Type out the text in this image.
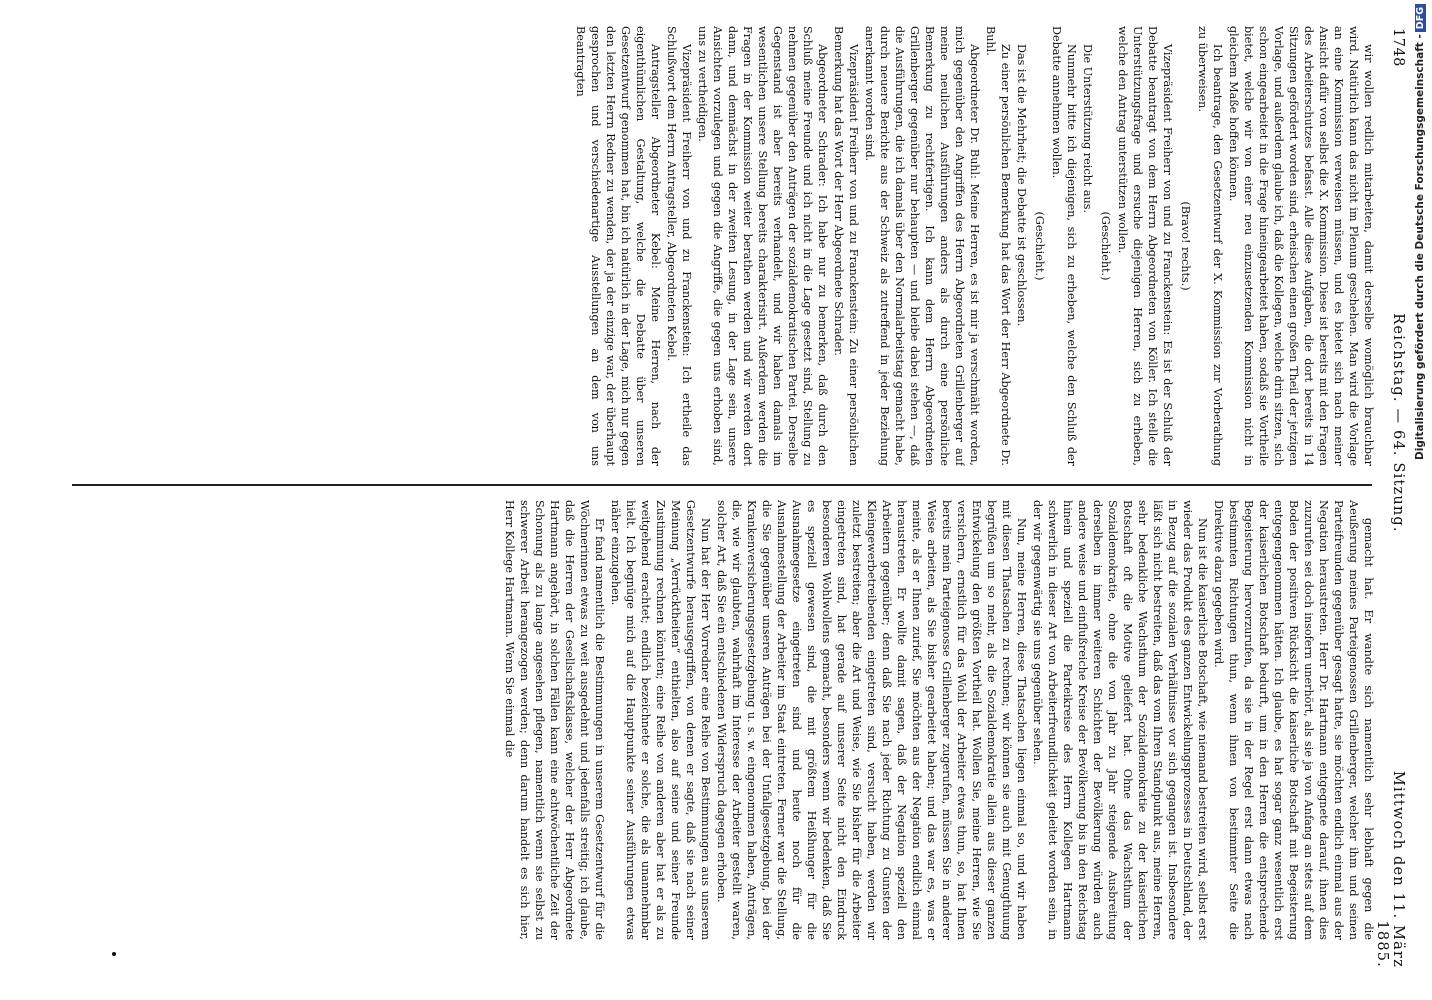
1748
Reichstag. — 64. Sitzung.
Mittwoch den 11. März 1885.

wir wollen redlich mitarbeiten, damit derselbe womöglich brauchbar wird. Natürlich kann das nicht im Plenum geschehen. Man wird die Vorlage an eine Kommission verweisen müssen, und es bietet sich nach meiner Ansicht dafür von selbst die X. Kommission. Diese ist bereits mit den Fragen des Arbeiterschutzes befasst. Alle diese Aufgaben, die dort bereits in 14 Sitzungen gefördert worden sind, erheischen einen großen Theil der jetzigen Vorlage, und außerdem glaube ich, daß die Kollegen, welche drin sitzen, sich schon eingearbeitet in die Frage hineingearbeitet haben, sodaß sie Vortheile bietet, welche wir von einer neu einzusetzenden Kommission nicht in gleichem Maße hoffen können.

Ich beantrage, den Gesetzentwurf der X. Kommission zur Vorberathung zu überweisen.

(Bravo! rechts.)

Vizepräsident Freiherr von und zu Franckenstein: Es ist der Schluß der Debatte beantragt von dem Herrn Abgeordneten von Köller. Ich stelle die Unterstützungsfrage und ersuche diejenigen Herren, sich zu erheben, welche den Antrag unterstützen wollen.

(Geschieht.)

Die Unterstützung reicht aus.

Nunmehr bitte ich diejenigen, sich zu erheben, welche den Schluß der Debatte annehmen wollen.

(Geschieht.)

Das ist die Mehrheit; die Debatte ist geschlossen.

Zu einer persönlichen Bemerkung hat das Wort der Herr Abgeordnete Dr. Buhl.

Abgeordneter Dr. Buhl: Meine Herren, es ist mir ja verschmäht worden, mich gegenüber den Angriffen des Herrn Abgeordneten Grillenberger auf meine neulichen Ausführungen anders als durch eine persönliche Bemerkung zu rechtfertigen. Ich kann dem Herrn Abgeordneten Grillenberger gegenüber nur behaupten — und bleibe dabei stehen —, daß die Ausführungen, die ich damals über den Normalarbeitstag gemacht habe, durch neuere Berichte aus der Schweiz als zutreffend in jeder Beziehung anerkannt worden sind.

Vizepräsident Freiherr von und zu Franckenstein: Zu einer persönlichen Bemerkung hat das Wort der Herr Abgeordnete Schrader.

Abgeordneter Schrader: Ich habe nur zu bemerken, daß durch den Schluß meine Freunde und ich nicht in die Lage gesetzt sind, Stellung zu nehmen gegenüber den Anträgen der sozialdemokratischen Partei. Derselbe Gegenstand ist aber bereits verhandelt, und wir haben damals im wesentlichen unsere Stellung bereits charakterisirt. Außerdem werden die Fragen in der Kommission weiter berathen werden und wir werden dort dann, und demnächst in der zweiten Lesung, in der Lage sein, unsere Ansichten vorzulegen und gegen die Angriffe, die gegen uns erhoben sind, uns zu vertheidigen.

Vizepräsident Freiherr von und zu Franckenstein: Ich ertheile das Schlußwort dem Herrn Antragsteller, Abgeordneten Kebel.

Antragsteller Abgeordneter Kebel: Meine Herren, nach der eigenthümlichen Gestaltung, welche die Debatte über unseren Gesetzentwurf genommen hat, bin ich natürlich in der Lage, mich nur gegen den letzten Herrn Redner zu wenden, der ja der einzige war, der überhaupt gesprochen und verschiedenartige Ausstellungen an dem von uns Beantragten

gemacht hat. Er wandte sich namentlich sehr lebhaft gegen die Aeußerung meines Parteigenossen Grillenberger, welcher ihm und seinen Parteifreunden gegenüber gesagt hatte, sie möchten endlich einmal aus der Negation heraustreten. Herr Dr. Hartmann entgegnete darauf, ihnen dies zuzurufen sei doch insofern unerhört, als sie ja von Anfang an stets auf dem Boden der positiven Rücksicht die kaiserliche Botschaft mit Begeisterung entgegengenommen hätten. Ich glaube, es hat sogar ganz wesentlich erst der kaiserlichen Botschaft bedurft, um in den Herren die entsprechende Begeisterung hervorzurufen, da sie in der Regel erst dann etwas nach bestimmten Richtungen thun, wenn ihnen von bestimmter Seite die Direktive dazu gegeben wird.

Nun ist die kaiserliche Botschaft, wie niemand bestreiten wird, selbst erst wieder das Produkt des ganzen Entwickelungsprozesses in Deutschland, der in Bezug auf die sozialen Verhältnisse vor sich gegangen ist. Insbesondere läßt sich nicht bestreiten, daß das vom Ihren Standpunkt aus, meine Herren, sehr bedenkliche Wachsthum der Sozialdemokratie zu der kaiserlichen Botschaft oft die Motive geliefert hat. Ohne das Wachsthum der Sozialdemokratie, ohne die von Jahr zu Jahr steigende Ausbreitung derselben in immer weiteren Schichten der Bevölkerung würden auch andere weise und einflußreiche Kreise der Bevölkerung bis in den Reichstag hinein und speziell die Parteikreise des Herrn Kollegen Hartmann schwerlich in dieser Art von Arbeiterfreundlichkeit geleitet worden sein, in der wir gegenwärtig sie uns gegenüber sehen.

Nun, meine Herren, diese Thatsachen liegen einmal so, und wir haben mit diesen Thatsachen zu rechnen; wir können sie auch mit Genugthuung begrüßen um so mehr, als die Sozialdemokratie allein aus dieser ganzen Entwickelung den größten Vortheil hat. Wollen Sie, meine Herren, wie Sie versichern, ernstlich für das Wohl der Arbeiter etwas thun, so, hat Ihnen bereits mein Parteigenosse Grillenberger zugerufen, müssen Sie in anderer Weise arbeiten, als Sie bisher gearbeitet haben; und das war es, was er meinte, als er Ihnen zurief, Sie möchten aus der Negation endlich einmal heraustreten. Er wollte damit sagen, daß der Negation speziell den Arbeitern gegenüber; denn daß Sie nach jeder Richtung zu Gunsten der Kleingewerbetreibenden eingetreten sind, versucht haben, werden wir zuletzt bestreiten; aber die Art und Weise, wie Sie bisher für die Arbeiter eingetreten sind, hat gerade auf unserer Seite nicht den Eindruck besonderen Wohlwollens gemacht, besonders wenn wir bedenken, daß Sie es speziell gewesen sind, die mit größtem Heißhunger für die Ausnahmegesetze eingetreten sind und heute noch für die Ausnahmestellung der Arbeiter im Staat eintreten. Ferner war die Stellung, die Sie gegenüber unseren Anträgen bei der Unfallgesetzgebung, bei der Krankenversicherungsgesetzgebung u. s. w. eingenommen haben, Anträgen, die, wie wir glaubten, wahrhaft im Interesse der Arbeiter gestellt waren, solcher Art, daß Sie ein entschiedenen Widerspruch dagegen erhoben.

Nun hat der Herr Vorredner eine Reihe von Bestimmungen aus unserem Gesetzentwurfe herausgegriffen, von denen er sagte, daß sie nach seiner Meinung „Verrücktheiten“ enthielten, also auf seine und seiner Freunde Zustimmung rechnen könnten; eine Reihe von anderen aber hat er als zu weitgehend erachtet; endlich bezeichnete er solche, die als unannehmbar hielt. Ich begnüge mich auf die Hauptpunkte seiner Ausführungen etwas näher einzugehen.

Er fand namentlich die Bestimmungen in unserem Gesetzentwurf für die Wöchnerinnen etwas zu weit ausgedehnt und jedenfalls streitig; ich glaube, daß die Herren der Gesellschaftsklasse, welcher der Herr Abgeordnete Hartmann angehört, in solchen Fällen kann eine achtwöchentliche Zeit der Schonung als zu lange angesehen pflegen, namentlich wenn sie selbst zu schwerer Arbeit herangezogen werden; denn darum handelt es sich hier, Herr Kollege Hartmann. Wenn Sie einmal die

Digitalisierung gefördert durch die Deutsche Forschungsgemeinschaft -DFG
